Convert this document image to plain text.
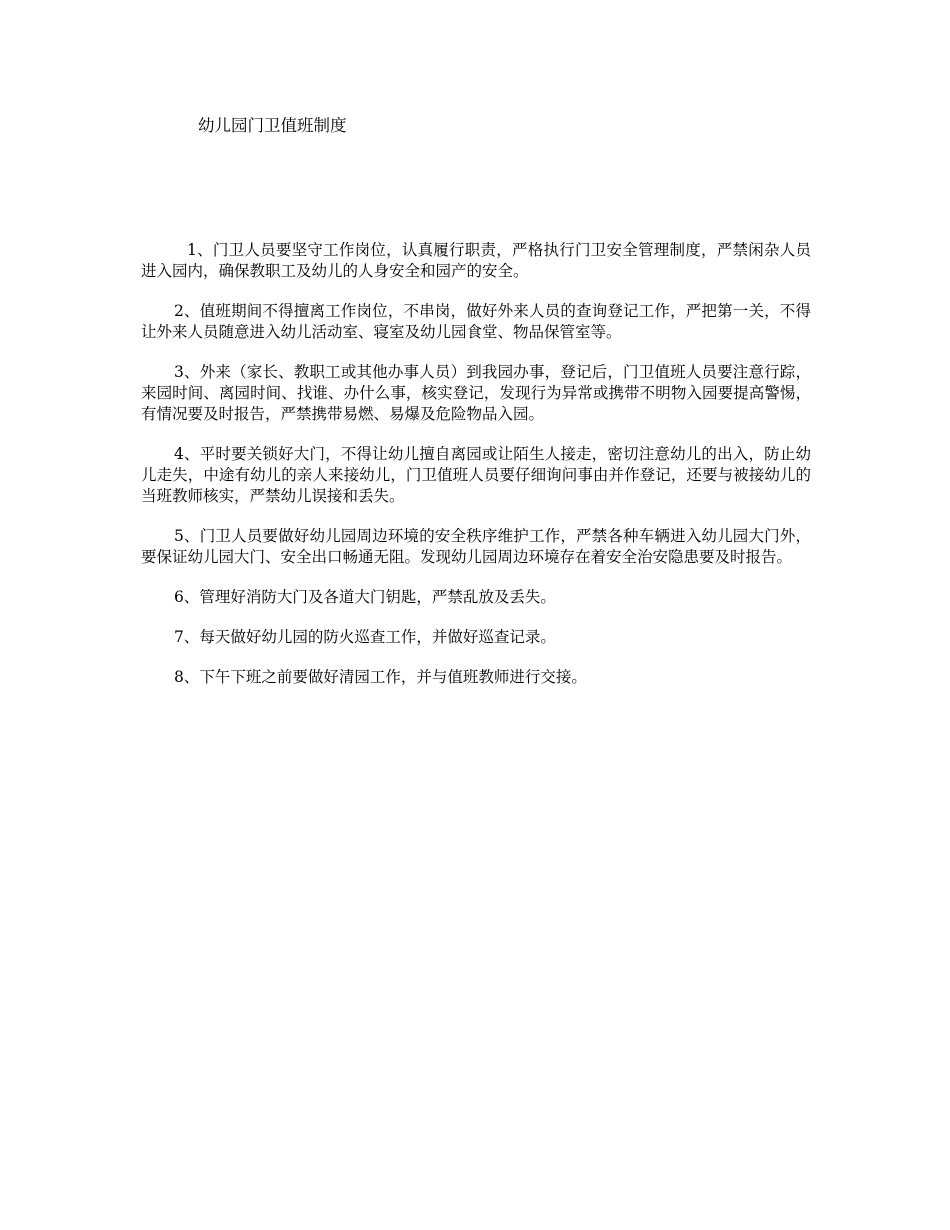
幼儿园门卫值班制度

1、门卫人员要坚守工作岗位，认真履行职责，严格执行门卫安全管理制度，严禁闲杂人员进入园内，确保教职工及幼儿的人身安全和园产的安全。

2、值班期间不得擅离工作岗位，不串岗，做好外来人员的查询登记工作，严把第一关，不得让外来人员随意进入幼儿活动室、寝室及幼儿园食堂、物品保管室等。

3、外来（家长、教职工或其他办事人员）到我园办事，登记后，门卫值班人员要注意行踪，来园时间、离园时间、找谁、办什么事，核实登记，发现行为异常或携带不明物入园要提高警惕，有情况要及时报告，严禁携带易燃、易爆及危险物品入园。

4、平时要关锁好大门，不得让幼儿擅自离园或让陌生人接走，密切注意幼儿的出入，防止幼儿走失，中途有幼儿的亲人来接幼儿，门卫值班人员要仔细询问事由并作登记，还要与被接幼儿的当班教师核实，严禁幼儿误接和丢失。

5、门卫人员要做好幼儿园周边环境的安全秩序维护工作，严禁各种车辆进入幼儿园大门外，要保证幼儿园大门、安全出口畅通无阻。发现幼儿园周边环境存在着安全治安隐患要及时报告。

6、管理好消防大门及各道大门钥匙，严禁乱放及丢失。

7、每天做好幼儿园的防火巡查工作，并做好巡查记录。

8、下午下班之前要做好清园工作，并与值班教师进行交接。
